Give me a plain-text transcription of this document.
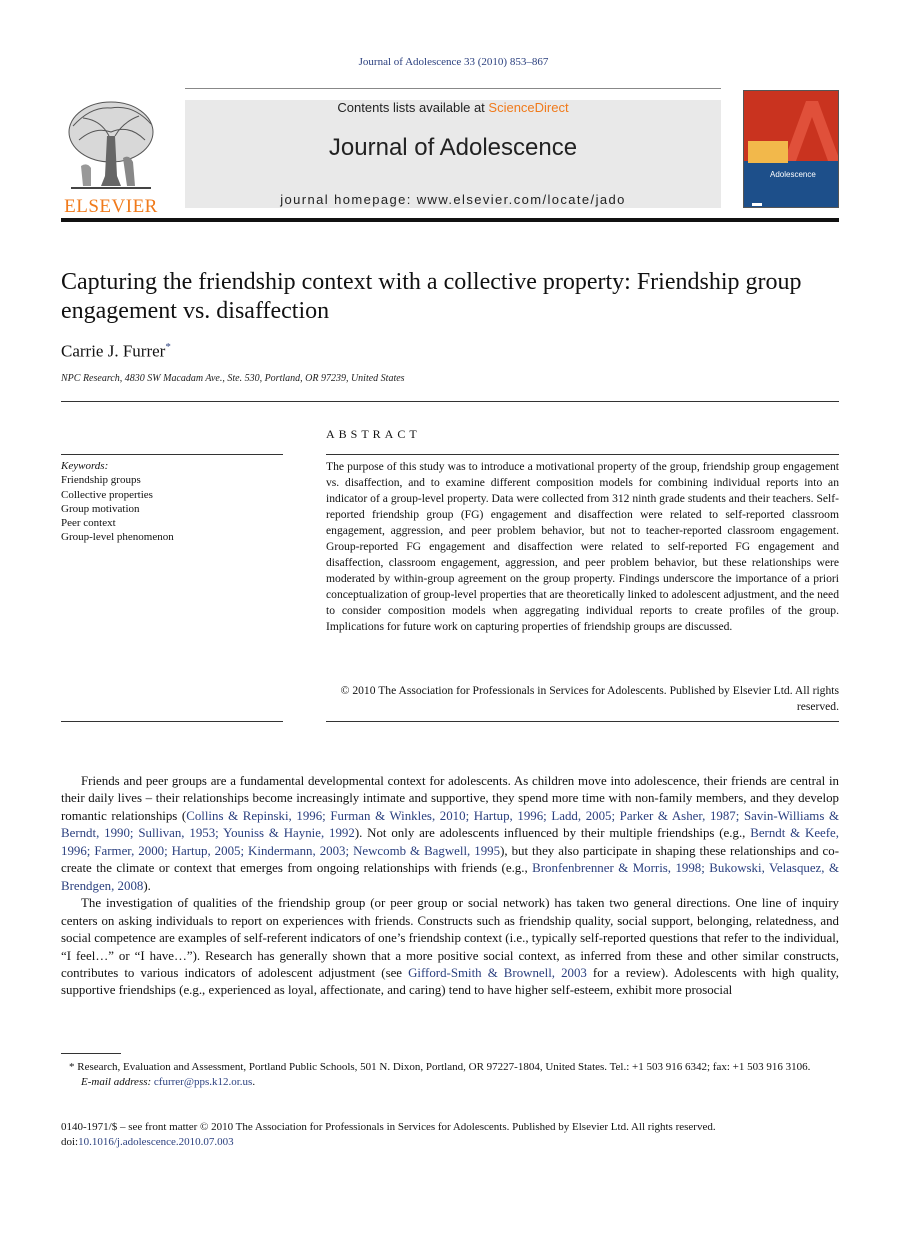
Journal of Adolescence 33 (2010) 853–867
ELSEVIER
Contents lists available at ScienceDirect
Journal of Adolescence
journal homepage: www.elsevier.com/locate/jado
Adolescence
Capturing the friendship context with a collective property: Friendship group engagement vs. disaffection
Carrie J. Furrer*
NPC Research, 4830 SW Macadam Ave., Ste. 530, Portland, OR 97239, United States
ABSTRACT
Keywords:
Friendship groups
Collective properties
Group motivation
Peer context
Group-level phenomenon

The purpose of this study was to introduce a motivational property of the group, friendship group engagement vs. disaffection, and to examine different composition models for combining individual reports into an indicator of a group-level property. Data were collected from 312 ninth grade students and their teachers. Self-reported friendship group (FG) engagement and disaffection were related to self-reported classroom engagement, aggression, and peer problem behavior, but not to teacher-reported classroom engagement. Group-reported FG engagement and disaffection were related to self-reported FG engagement and disaffection, classroom engagement, aggression, and peer problem behavior, but these relationships were moderated by within-group agreement on the group property. Findings underscore the importance of a priori conceptualization of group-level properties that are theoretically linked to adolescent adjustment, and the need to consider composition models when aggregating individual reports to create profiles of the group. Implications for future work on capturing properties of friendship groups are discussed.

© 2010 The Association for Professionals in Services for Adolescents. Published by Elsevier Ltd. All rights reserved.

Friends and peer groups are a fundamental developmental context for adolescents. As children move into adolescence, their friends are central in their daily lives – their relationships become increasingly intimate and supportive, they spend more time with non-family members, and they develop romantic relationships (Collins & Repinski, 1996; Furman & Winkles, 2010; Hartup, 1996; Ladd, 2005; Parker & Asher, 1987; Savin-Williams & Berndt, 1990; Sullivan, 1953; Youniss & Haynie, 1992). Not only are adolescents influenced by their multiple friendships (e.g., Berndt & Keefe, 1996; Farmer, 2000; Hartup, 2005; Kindermann, 2003; Newcomb & Bagwell, 1995), but they also participate in shaping these relationships and co-create the climate or context that emerges from ongoing relationships with friends (e.g., Bronfenbrenner & Morris, 1998; Bukowski, Velasquez, & Brendgen, 2008).

The investigation of qualities of the friendship group (or peer group or social network) has taken two general directions. One line of inquiry centers on asking individuals to report on experiences with friends. Constructs such as friendship quality, social support, belonging, relatedness, and social competence are examples of self-referent indicators of one’s friendship context (i.e., typically self-reported questions that refer to the individual, “I feel…” or “I have…”). Research has generally shown that a more positive social context, as inferred from these and other similar constructs, contributes to various indicators of adolescent adjustment (see Gifford-Smith & Brownell, 2003 for a review). Adolescents with high quality, supportive friendships (e.g., experienced as loyal, affectionate, and caring) tend to have higher self-esteem, exhibit more prosocial

* Research, Evaluation and Assessment, Portland Public Schools, 501 N. Dixon, Portland, OR 97227-1804, United States. Tel.: +1 503 916 6342; fax: +1 503 916 3106.

E-mail address: cfurrer@pps.k12.or.us.

0140-1971/$ – see front matter © 2010 The Association for Professionals in Services for Adolescents. Published by Elsevier Ltd. All rights reserved.
doi:10.1016/j.adolescence.2010.07.003
